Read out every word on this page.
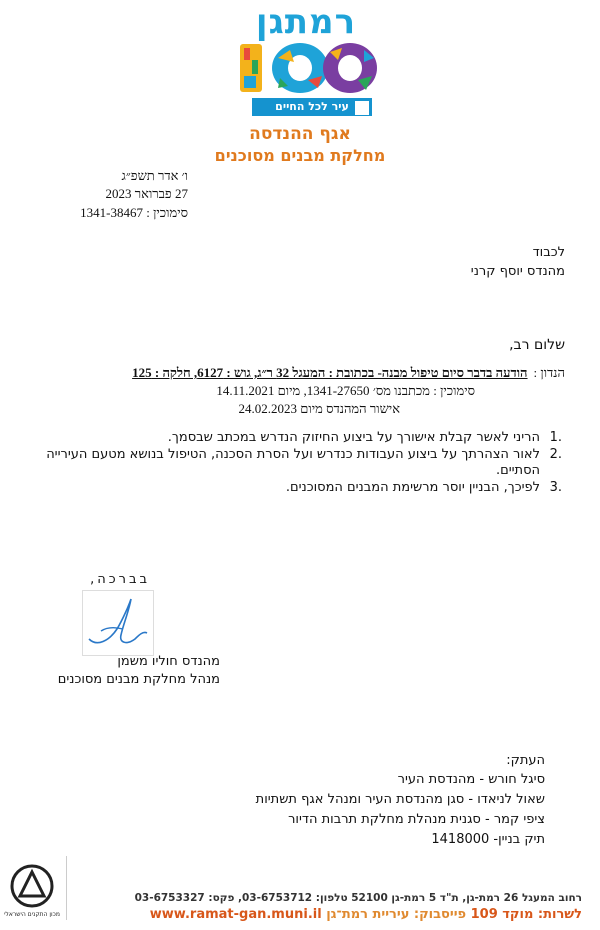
רמתגן
עיר לכל החיים
אגף ההנדסה
מחלקת מבנים מסוכנים
ו׳ אדר תשפ״ג
27 פברואר 2023
סימוכין : 1341-38467
לכבוד
מהנדס יוסף קרני
שלום רב,
הנדון :הודעה בדבר סיום טיפול מבנה- בכתובת : המעגל 32 ר״ג, גוש : 6127, חלקה : 125
סימוכין : מכתבנו מס׳ 1341-27650, מיום 14.11.2021
אישור המהנדס מיום 24.02.2023
.1
הריני לאשר קבלת אישורך על ביצוע החיזוק הנדרש במכתב שבסמך.
.2
לאור הצהרתך על ביצוע העבודות כנדרש ועל הסרת הסכנה, הטיפול בנושא מטעם העירייה הסתיים.
.3
לפיכך, הבניין יוסר מרשימת המבנים המסוכנים.
בברכה,
מהנדס חוליו משמן
מנהל מחלקת מבנים מסוכנים
העתק:
סיגל חורש - מהנדסת העיר
שאול לניאדו - סגן מהנדסת העיר ומנהל אגף תשתיות
ציפי קמר - סגנית מנהלת מחלקת תרבות הדיור
תיק בניין- 1418000
מכון התקנים הישראלי
רחוב המעגל 26 רמת-גן, ת"ד 5 רמת-גן 52100 טלפון: 03-6753712, פקס: 03-6753327
לשרות: מוקד 109 פייסבוק: עיריית רמת־גן www.ramat-gan.muni.il
